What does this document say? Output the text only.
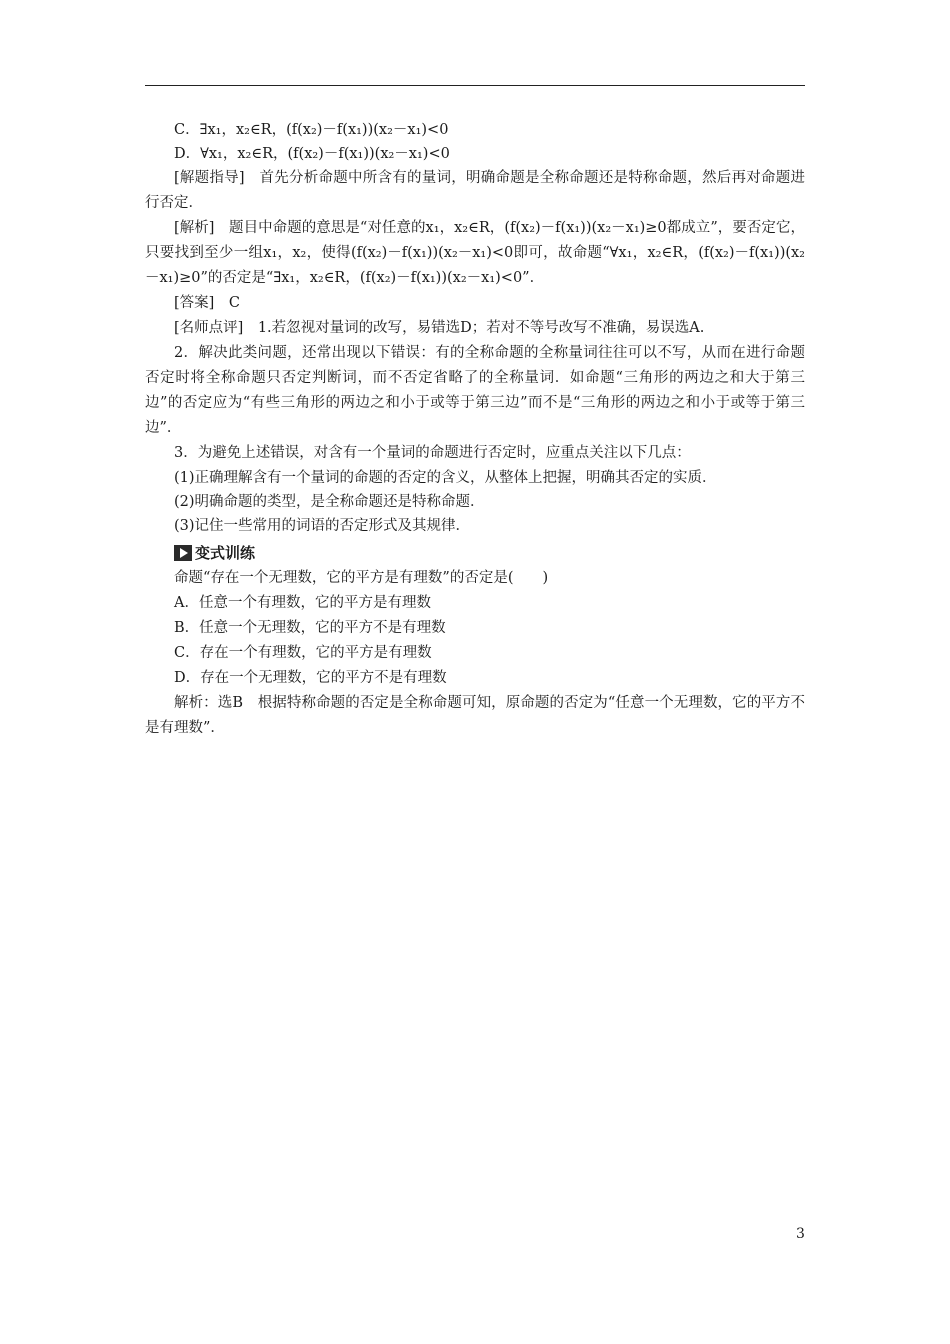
C．∃x₁，x₂∈R，(f(x₂)－f(x₁))(x₂－x₁)<0

D．∀x₁，x₂∈R，(f(x₂)－f(x₁))(x₂－x₁)<0

[解题指导]　首先分析命题中所含有的量词，明确命题是全称命题还是特称命题，然后再对命题进行否定．

[解析]　题目中命题的意思是“对任意的x₁，x₂∈R，(f(x₂)－f(x₁))(x₂－x₁)≥0都成立”，要否定它，只要找到至少一组x₁，x₂，使得(f(x₂)－f(x₁))(x₂－x₁)<0即可，故命题“∀x₁，x₂∈R，(f(x₂)－f(x₁))(x₂－x₁)≥0”的否定是“∃x₁，x₂∈R，(f(x₂)－f(x₁))(x₂－x₁)<0”．

[答案]　C

[名师点评]　1.若忽视对量词的改写，易错选D；若对不等号改写不准确，易误选A.

2．解决此类问题，还常出现以下错误：有的全称命题的全称量词往往可以不写，从而在进行命题否定时将全称命题只否定判断词，而不否定省略了的全称量词．如命题“三角形的两边之和大于第三边”的否定应为“有些三角形的两边之和小于或等于第三边”而不是“三角形的两边之和小于或等于第三边”．

3．为避免上述错误，对含有一个量词的命题进行否定时，应重点关注以下几点：

(1)正确理解含有一个量词的命题的否定的含义，从整体上把握，明确其否定的实质．

(2)明确命题的类型，是全称命题还是特称命题．

(3)记住一些常用的词语的否定形式及其规律．

变式训练

命题“存在一个无理数，它的平方是有理数”的否定是(　　)

A．任意一个有理数，它的平方是有理数

B．任意一个无理数，它的平方不是有理数

C．存在一个有理数，它的平方是有理数

D．存在一个无理数，它的平方不是有理数

解析：选B　根据特称命题的否定是全称命题可知，原命题的否定为“任意一个无理数，它的平方不是有理数”．

3
